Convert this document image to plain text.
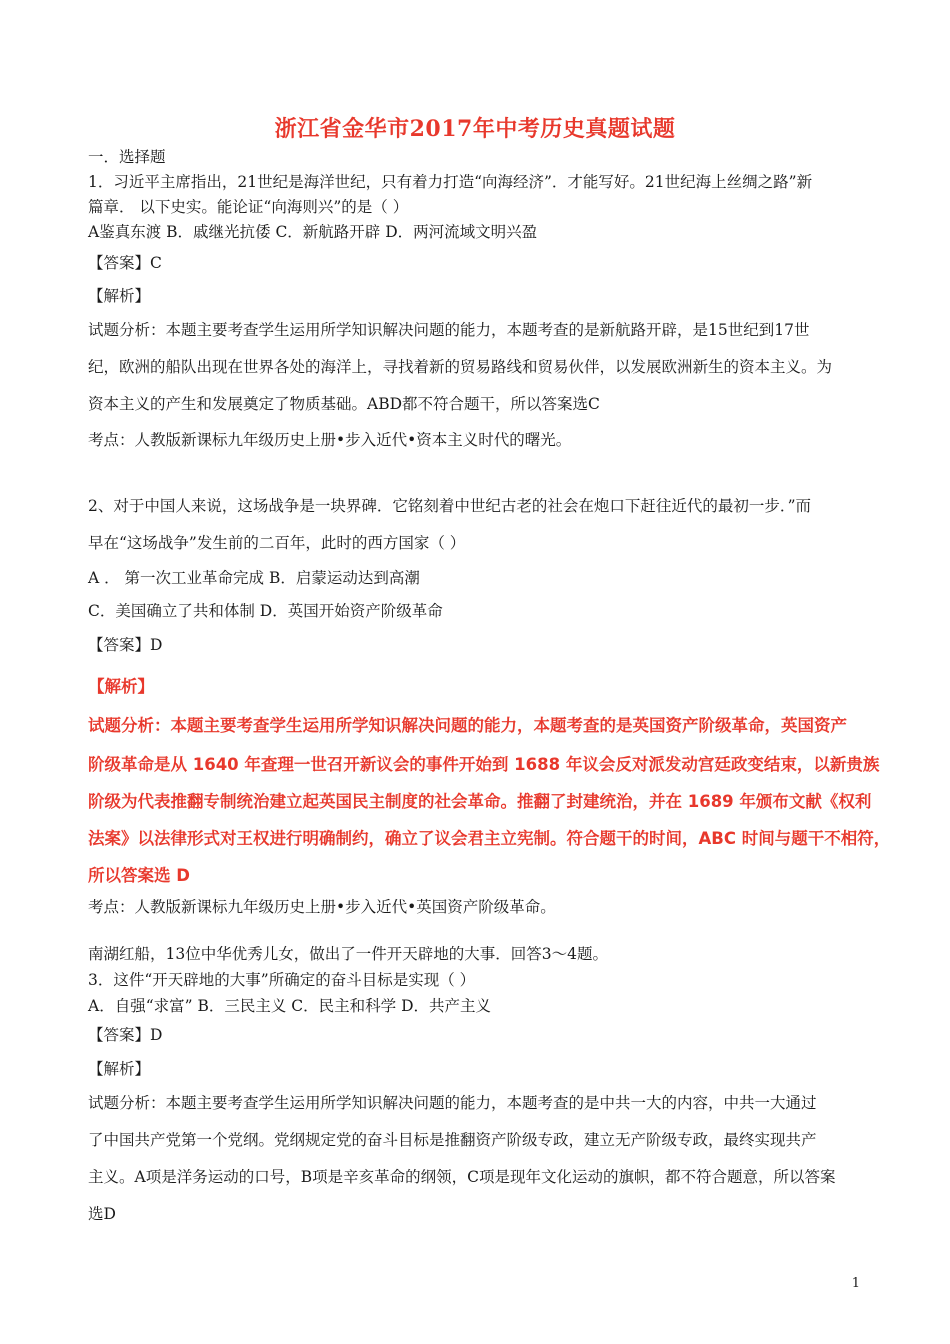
浙江省金华市2017年中考历史真题试题
一．选择题
1．习近平主席指出，21世纪是海洋世纪，只有着力打造“向海经济”．才能写好。21世纪海上丝绸之路”新
篇章． 以下史实。能论证“向海则兴”的是（ ）
A鉴真东渡 B．戚继光抗倭 C．新航路开辟 D．两河流域文明兴盈
【答案】C
【解析】
试题分析：本题主要考查学生运用所学知识解决问题的能力，本题考查的是新航路开辟，是15世纪到17世
纪，欧洲的船队出现在世界各处的海洋上，寻找着新的贸易路线和贸易伙伴，以发展欧洲新生的资本主义。为
资本主义的产生和发展奠定了物质基础。ABD都不符合题干，所以答案选C
考点：人教版新课标九年级历史上册•步入近代•资本主义时代的曙光。
2、对于中国人来说，这场战争是一块界碑．它铭刻着中世纪古老的社会在炮口下赶往近代的最初一步．”而
早在“这场战争”发生前的二百年，此时的西方国家（ ）
A ． 第一次工业革命完成 B．启蒙运动达到高潮
C．美国确立了共和体制 D．英国开始资产阶级革命
【答案】D
【解析】
试题分析：本题主要考查学生运用所学知识解决问题的能力，本题考查的是英国资产阶级革命，英国资产
阶级革命是从 1640 年查理一世召开新议会的事件开始到 1688 年议会反对派发动宫廷政变结束，以新贵族
阶级为代表推翻专制统治建立起英国民主制度的社会革命。推翻了封建统治，并在 1689 年颁布文献《权利
法案》以法律形式对王权进行明确制约，确立了议会君主立宪制。符合题干的时间，ABC 时间与题干不相符，
所以答案选 D
考点：人教版新课标九年级历史上册•步入近代•英国资产阶级革命。
南湖红船，13位中华优秀儿女，做出了一件开天辟地的大事．回答3～4题。
3．这件“开天辟地的大事”所确定的奋斗目标是实现（ ）
A．自强“求富” B．三民主义 C．民主和科学 D．共产主义
【答案】D
【解析】
试题分析：本题主要考查学生运用所学知识解决问题的能力，本题考查的是中共一大的内容，中共一大通过
了中国共产党第一个党纲。党纲规定党的奋斗目标是推翻资产阶级专政，建立无产阶级专政，最终实现共产
主义。A项是洋务运动的口号，B项是辛亥革命的纲领，C项是现年文化运动的旗帜，都不符合题意，所以答案
选D
1
